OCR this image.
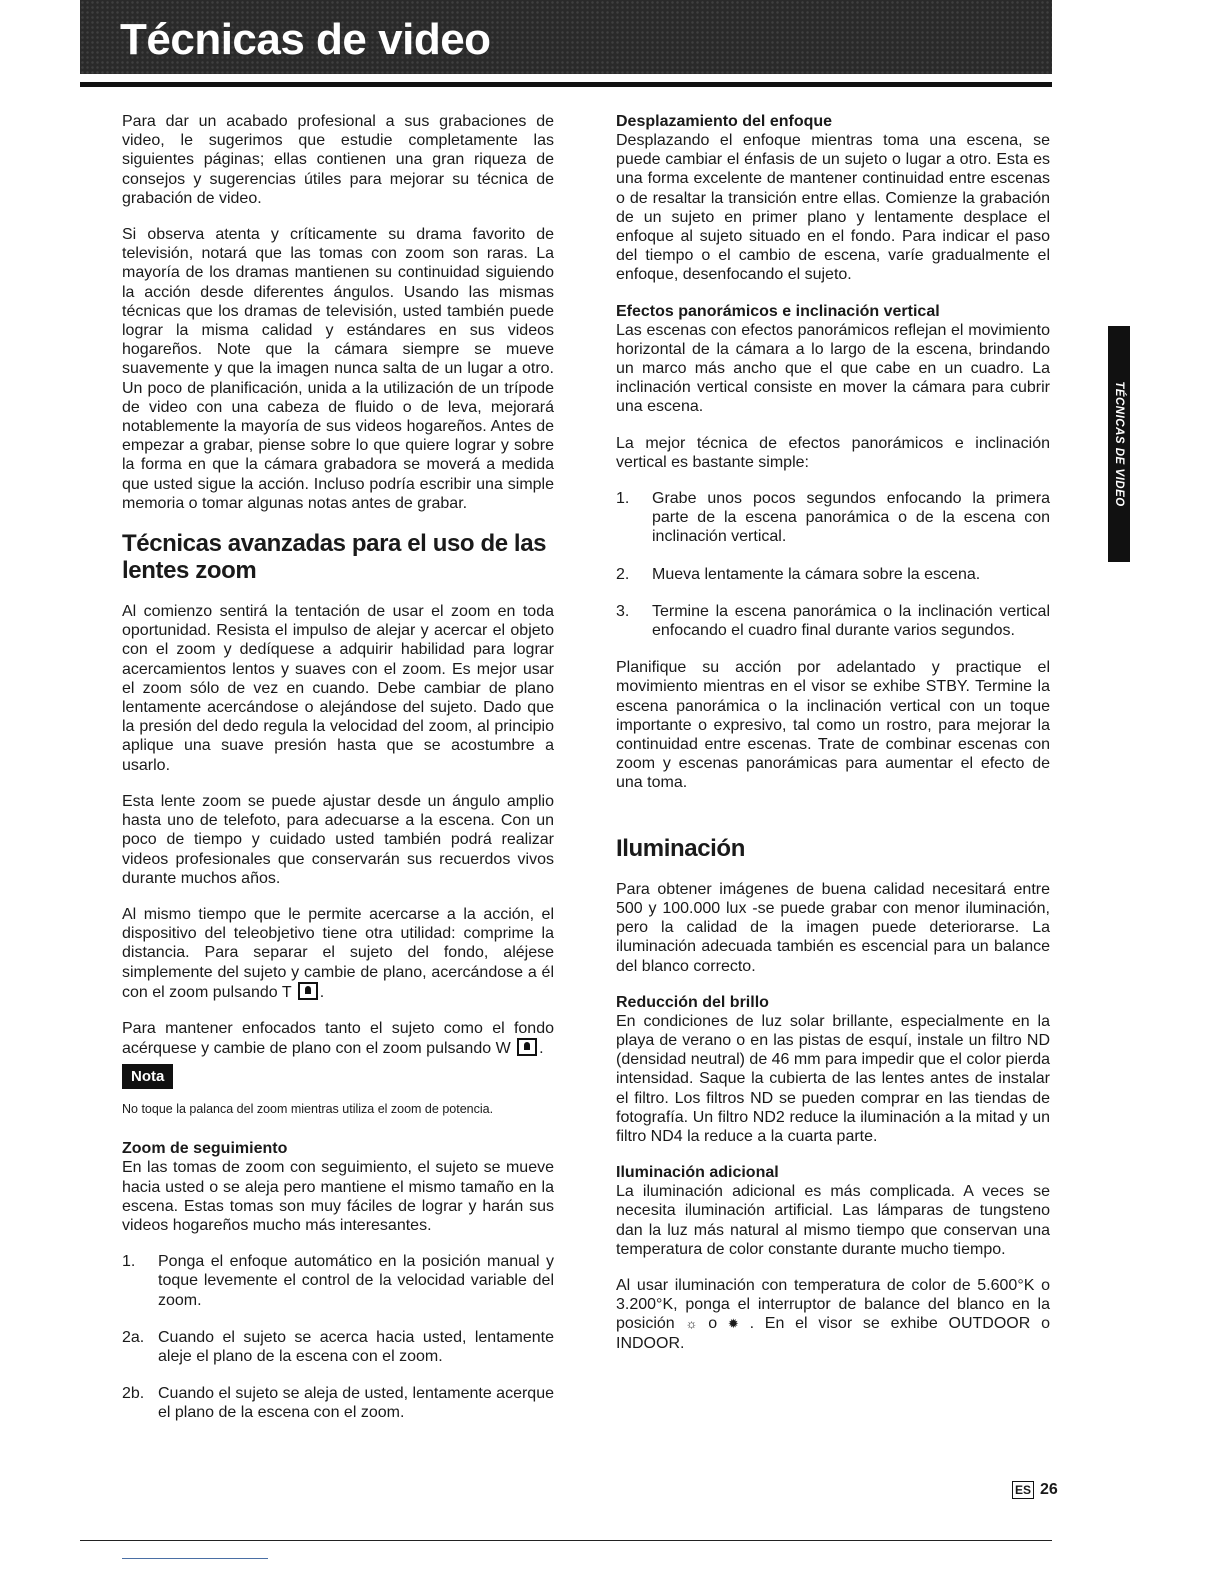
Técnicas de video
TÉCNICAS DE VIDEO

Para dar un acabado profesional a sus grabaciones de video, le sugerimos que estudie completamente las siguientes páginas; ellas contienen una gran riqueza de consejos y sugerencias útiles para mejorar su técnica de grabación de video.

Si observa atenta y críticamente su drama favorito de televisión, notará que las tomas con zoom son raras. La mayoría de los dramas mantienen su continuidad siguiendo la acción desde diferentes ángulos. Usando las mismas técnicas que los dramas de televisión, usted también puede lograr la misma calidad y estándares en sus videos hogareños. Note que la cámara siempre se mueve suavemente y que la imagen nunca salta de un lugar a otro. Un poco de planificación, unida a la utilización de un trípode de video con una cabeza de fluido o de leva, mejorará notablemente la mayoría de sus videos hogareños. Antes de empezar a grabar, piense sobre lo que quiere lograr y sobre la forma en que la cámara grabadora se moverá a medida que usted sigue la acción. Incluso podría escribir una simple memoria o tomar algunas notas antes de grabar.

Técnicas avanzadas para el uso de las lentes zoom

Al comienzo sentirá la tentación de usar el zoom en toda oportunidad. Resista el impulso de alejar y acercar el objeto con el zoom y dedíquese a adquirir habilidad para lograr acercamientos lentos y suaves con el zoom. Es mejor usar el zoom sólo de vez en cuando. Debe cambiar de plano lentamente acercándose o alejándose del sujeto. Dado que la presión del dedo regula la velocidad del zoom, al principio aplique una suave presión hasta que se acostumbre a usarlo.

Esta lente zoom se puede ajustar desde un ángulo amplio hasta uno de telefoto, para adecuarse a la escena. Con un poco de tiempo y cuidado usted también podrá realizar videos profesionales que conservarán sus recuerdos vivos durante muchos años.

Al mismo tiempo que le permite acercarse a la acción, el dispositivo del teleobjetivo tiene otra utilidad: comprime la distancia. Para separar el sujeto del fondo, aléjese simplemente del sujeto y cambie de plano, acercándose a él con el zoom pulsando T .

Para mantener enfocados tanto el sujeto como el fondo acérquese y cambie de plano con el zoom pulsando W .

Nota

No toque la palanca del zoom mientras utiliza el zoom de potencia.

Zoom de seguimiento

En las tomas de zoom con seguimiento, el sujeto se mueve hacia usted o se aleja pero mantiene el mismo tamaño en la escena. Estas tomas son muy fáciles de lograr y harán sus videos hogareños mucho más interesantes.

1. Ponga el enfoque automático en la posición manual y toque levemente el control de la velocidad variable del zoom.
2a. Cuando el sujeto se acerca hacia usted, lentamente aleje el plano de la escena con el zoom.
2b. Cuando el sujeto se aleja de usted, lentamente acerque el plano de la escena con el zoom.
Desplazamiento del enfoque

Desplazando el enfoque mientras toma una escena, se puede cambiar el énfasis de un sujeto o lugar a otro. Esta es una forma excelente de mantener continuidad entre escenas o de resaltar la transición entre ellas. Comienze la grabación de un sujeto en primer plano y lentamente desplace el enfoque al sujeto situado en el fondo. Para indicar el paso del tiempo o el cambio de escena, varíe gradualmente el enfoque, desenfocando el sujeto.

Efectos panorámicos e inclinación vertical

Las escenas con efectos panorámicos reflejan el movimiento horizontal de la cámara a lo largo de la escena, brindando un marco más ancho que el que cabe en un cuadro. La inclinación vertical consiste en mover la cámara para cubrir una escena.

La mejor técnica de efectos panorámicos e inclinación vertical es bastante simple:

1. Grabe unos pocos segundos enfocando la primera parte de la escena panorámica o de la escena con inclinación vertical.
2. Mueva lentamente la cámara sobre la escena.
3. Termine la escena panorámica o la inclinación vertical enfocando el cuadro final durante varios segundos.

Planifique su acción por adelantado y practique el movimiento mientras en el visor se exhibe STBY. Termine la escena panorámica o la inclinación vertical con un toque importante o expresivo, tal como un rostro, para mejorar la continuidad entre escenas. Trate de combinar escenas con zoom y escenas panorámicas para aumentar el efecto de una toma.

Iluminación

Para obtener imágenes de buena calidad necesitará entre 500 y 100.000 lux -se puede grabar con menor iluminación, pero la calidad de la imagen puede deteriorarse. La iluminación adecuada también es escencial para un balance del blanco correcto.

Reducción del brillo

En condiciones de luz solar brillante, especialmente en la playa de verano o en las pistas de esquí, instale un filtro ND (densidad neutral) de 46 mm para impedir que el color pierda intensidad. Saque la cubierta de las lentes antes de instalar el filtro. Los filtros ND se pueden comprar en las tiendas de fotografía. Un filtro ND2 reduce la iluminación a la mitad y un filtro ND4 la reduce a la cuarta parte.

Iluminación adicional

La iluminación adicional es más complicada. A veces se necesita iluminación artificial. Las lámparas de tungsteno dan la luz más natural al mismo tiempo que conservan una temperatura de color constante durante mucho tiempo.

Al usar iluminación con temperatura de color de 5.600°K o 3.200°K, ponga el interruptor de balance del blanco en la posición ☼ o ✹ . En el visor se exhibe OUTDOOR o INDOOR.

ES 26
